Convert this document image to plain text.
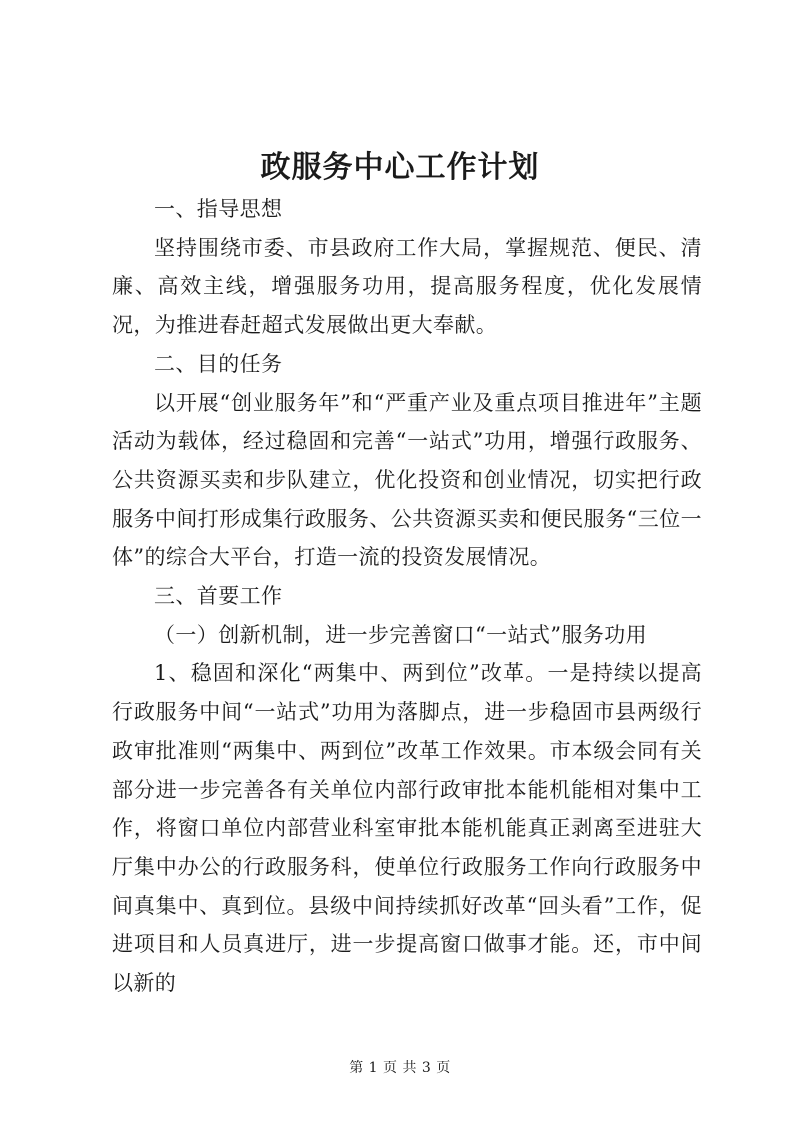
政服务中心工作计划

一、指导思想

坚持围绕市委、市县政府工作大局，掌握规范、便民、清廉、高效主线，增强服务功用，提高服务程度，优化发展情况，为推进春赶超式发展做出更大奉献。

二、目的任务

以开展“创业服务年”和“严重产业及重点项目推进年”主题活动为载体，经过稳固和完善“一站式”功用，增强行政服务、公共资源买卖和步队建立，优化投资和创业情况，切实把行政服务中间打形成集行政服务、公共资源买卖和便民服务“三位一体”的综合大平台，打造一流的投资发展情况。

三、首要工作

（一）创新机制，进一步完善窗口“一站式”服务功用

1、稳固和深化“两集中、两到位”改革。一是持续以提高行政服务中间“一站式”功用为落脚点，进一步稳固市县两级行政审批准则“两集中、两到位”改革工作效果。市本级会同有关部分进一步完善各有关单位内部行政审批本能机能相对集中工作，将窗口单位内部营业科室审批本能机能真正剥离至进驻大厅集中办公的行政服务科，使单位行政服务工作向行政服务中间真集中、真到位。县级中间持续抓好改革“回头看”工作，促进项目和人员真进厅，进一步提高窗口做事才能。还，市中间以新的

第 1 页 共 3 页
